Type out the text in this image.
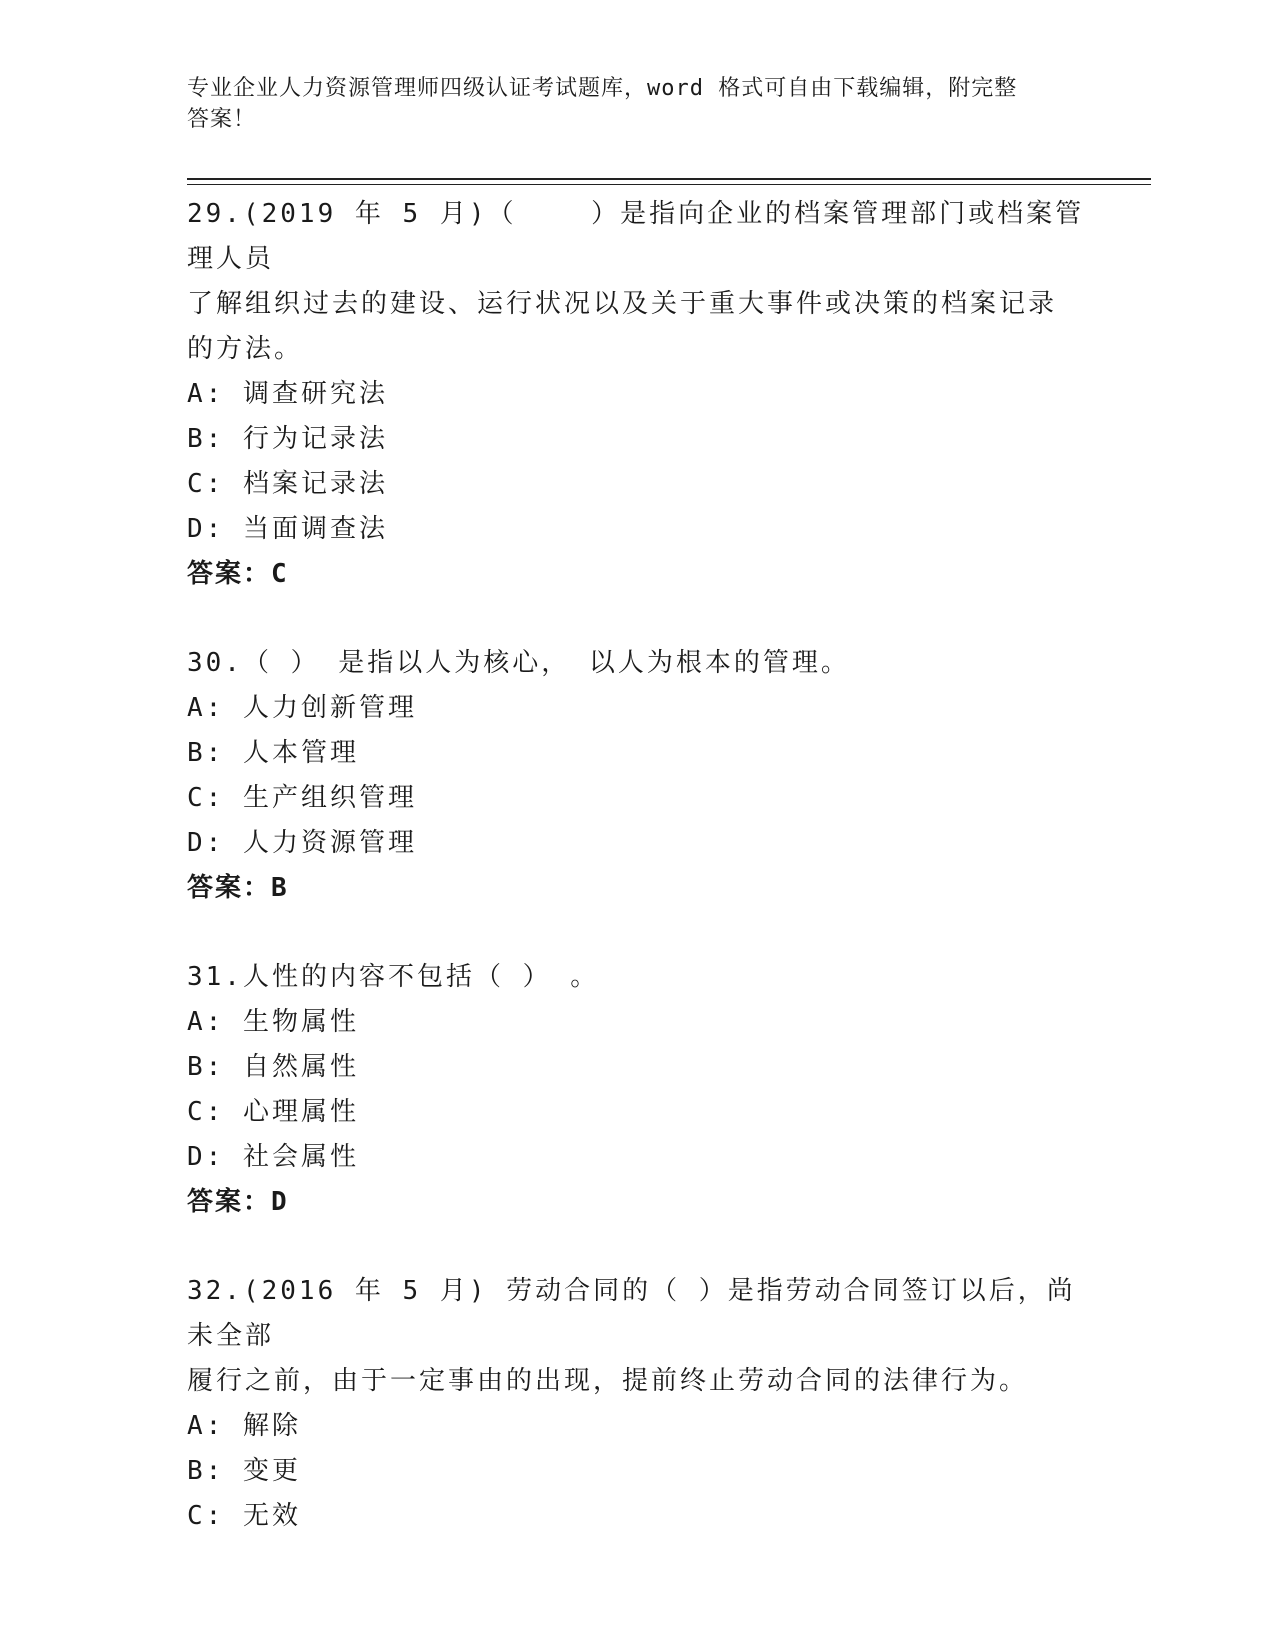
专业企业人力资源管理师四级认证考试题库，word 格式可自由下载编辑，附完整
答案！

29.(2019 年 5 月)（    ）是指向企业的档案管理部门或档案管理人员

了解组织过去的建设、运行状况以及关于重大事件或决策的档案记录

的方法。

A: 调查研究法

B: 行为记录法

C: 档案记录法

D: 当面调查法

答案：C

30.（ ） 是指以人为核心， 以人为根本的管理。

A: 人力创新管理

B: 人本管理

C: 生产组织管理

D: 人力资源管理

答案：B

31.人性的内容不包括（ ） 。

A: 生物属性

B: 自然属性

C: 心理属性

D: 社会属性

答案：D

32.(2016 年 5 月) 劳动合同的（ ）是指劳动合同签订以后，尚未全部

履行之前，由于一定事由的出现，提前终止劳动合同的法律行为。

A: 解除

B: 变更

C: 无效
